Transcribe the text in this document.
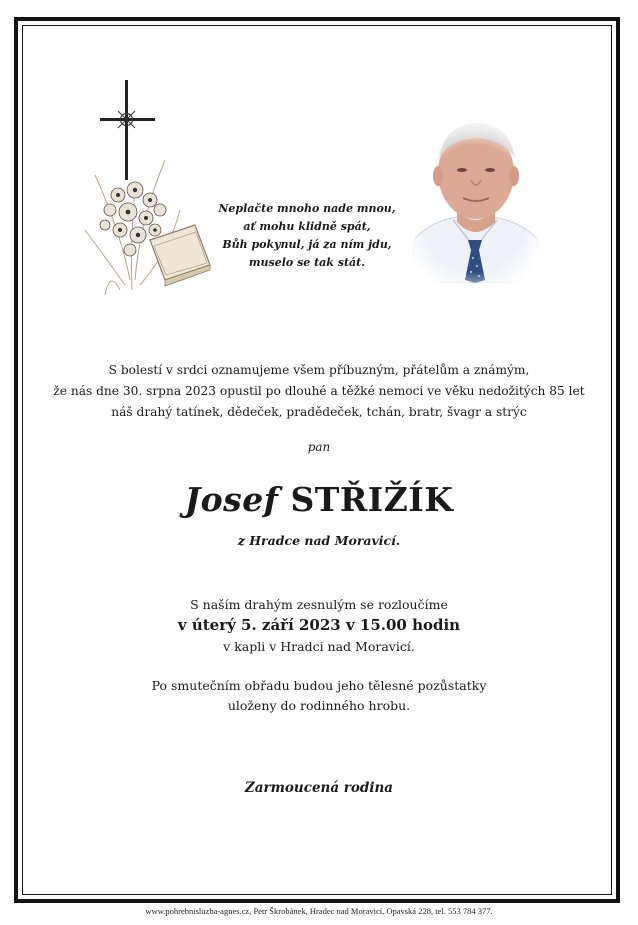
Neplačte mnoho nade mnou,
ať mohu klidně spát,
Bůh pokynul, já za ním jdu,
muselo se tak stát.
S bolestí v srdci oznamujeme všem příbuzným, přátelům a známým,
že nás dne 30. srpna 2023 opustil po dlouhé a těžké nemoci ve věku nedožitých 85 let
náš drahý tatínek, dědeček, pradědeček, tchán, bratr, švagr a strýc
pan
Josef STŘIŽÍK
z Hradce nad Moravicí.
S naším drahým zesnulým se rozloučíme
v úterý 5. září 2023 v 15.00 hodin
v kapli v Hradci nad Moravicí.
Po smutečním obřadu budou jeho tělesné pozůstatky
uloženy do rodinného hrobu.
Zarmoucená rodina
www.pohrebnisluzba-agnes.cz, Petr Škrobánek, Hradec nad Moravicí, Opavská 228, tel. 553 784 377.
